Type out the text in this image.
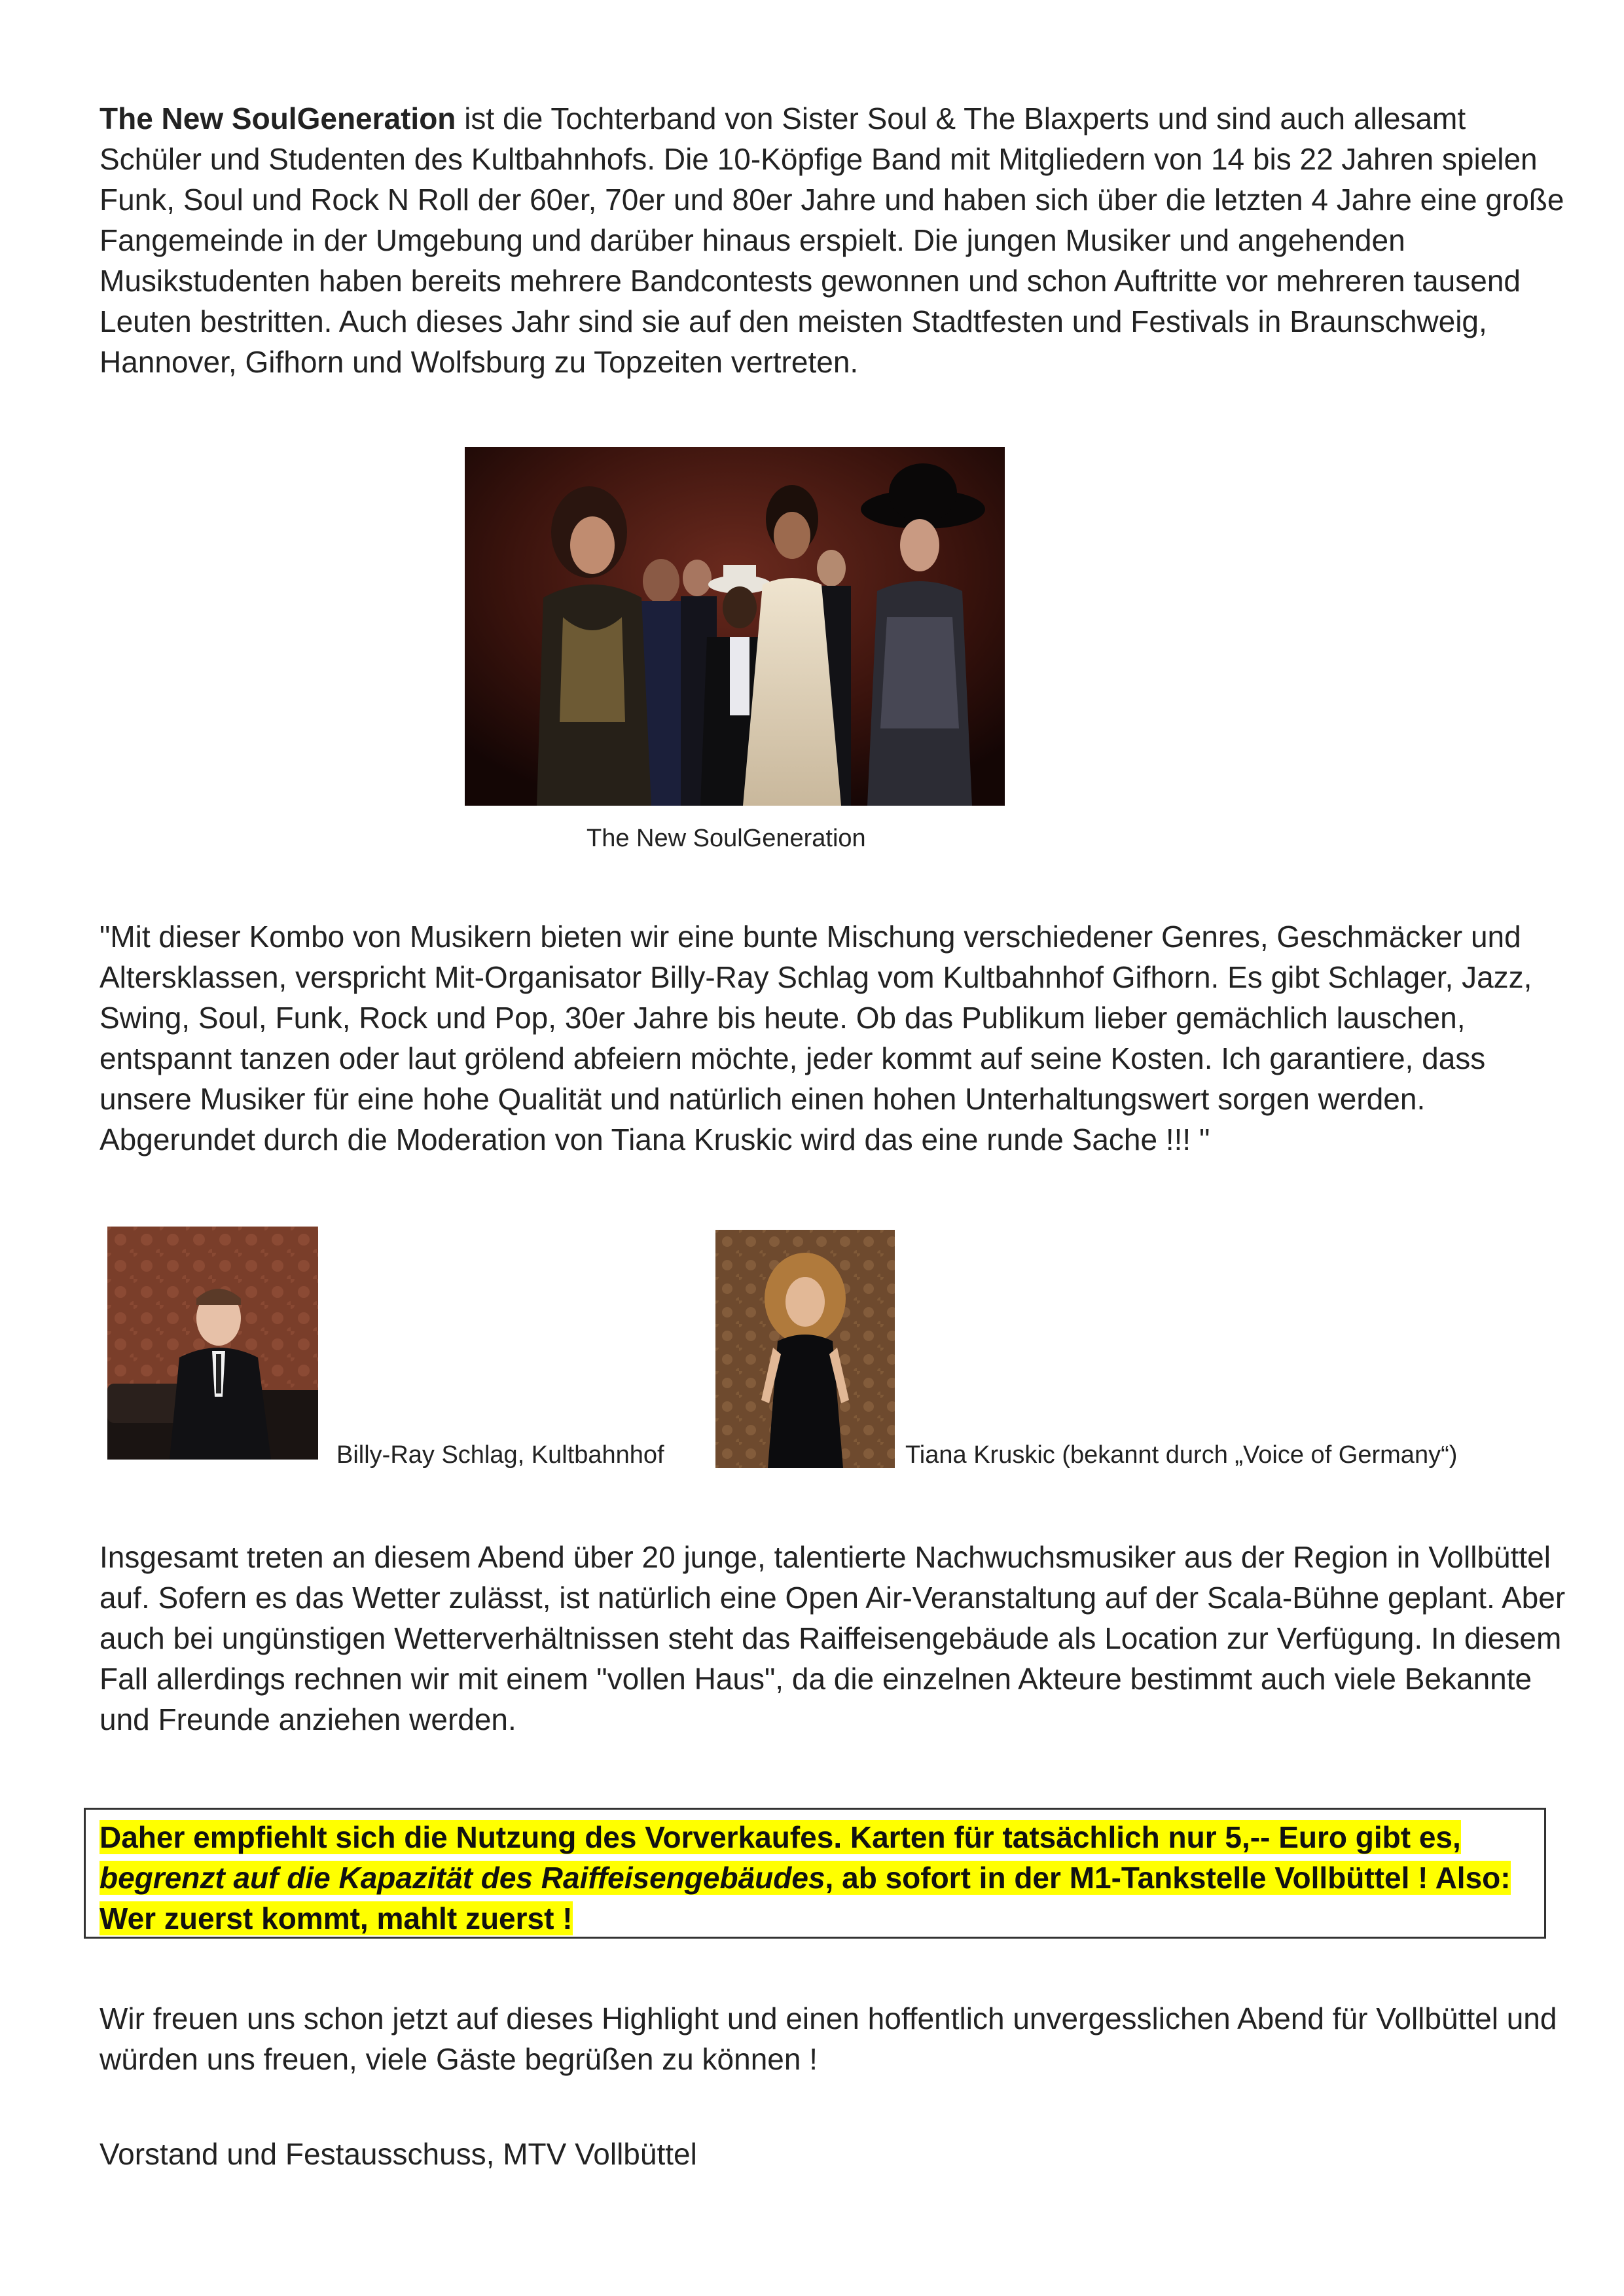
The New SoulGeneration ist die Tochterband von Sister Soul & The Blaxperts und sind auch allesamt Schüler und Studenten des Kultbahnhofs. Die 10-Köpfige Band mit Mitgliedern von 14 bis 22 Jahren spielen Funk, Soul und Rock N Roll der 60er, 70er und 80er Jahre und haben sich über die letzten 4 Jahre eine große Fangemeinde in der Umgebung und darüber hinaus erspielt. Die jungen Musiker und angehenden Musikstudenten haben bereits mehrere Bandcontests gewonnen und schon Auftritte vor mehreren tausend Leuten bestritten. Auch dieses Jahr sind sie auf den meisten Stadtfesten und Festivals in Braunschweig, Hannover, Gifhorn und Wolfsburg zu Topzeiten vertreten.

The New SoulGeneration

"Mit dieser Kombo von Musikern bieten wir eine bunte Mischung verschiedener Genres, Geschmäcker und Altersklassen, verspricht Mit-Organisator Billy-Ray Schlag vom Kultbahnhof Gifhorn. Es gibt Schlager, Jazz, Swing, Soul, Funk, Rock und Pop, 30er Jahre bis heute. Ob das Publikum lieber gemächlich lauschen, entspannt tanzen oder laut grölend abfeiern möchte, jeder kommt auf seine Kosten. Ich garantiere, dass unsere Musiker für eine hohe Qualität und natürlich einen hohen Unterhaltungswert sorgen werden. Abgerundet durch die Moderation von Tiana Kruskic wird das eine runde Sache !!! "

Billy-Ray Schlag, Kultbahnhof	Tiana Kruskic (bekannt durch „Voice of Germany“)

Insgesamt treten an diesem Abend über 20 junge, talentierte Nachwuchsmusiker aus der Region in Vollbüttel auf. Sofern es das Wetter zulässt, ist natürlich eine Open Air-Veranstaltung auf der Scala-Bühne geplant. Aber auch bei ungünstigen Wetterverhältnissen steht das Raiffeisengebäude als Location zur Verfügung. In diesem Fall allerdings rechnen wir mit einem "vollen Haus", da die einzelnen Akteure bestimmt auch viele Bekannte und Freunde anziehen werden.

Daher empfiehlt sich die Nutzung des Vorverkaufes. Karten für tatsächlich nur 5,-- Euro gibt es, begrenzt auf die Kapazität des Raiffeisengebäudes, ab sofort in der M1-Tankstelle Vollbüttel ! Also: Wer zuerst kommt, mahlt zuerst !

Wir freuen uns schon jetzt auf dieses Highlight und einen hoffentlich unvergesslichen Abend für Vollbüttel und würden uns freuen, viele Gäste begrüßen zu können !

Vorstand und Festausschuss, MTV Vollbüttel
